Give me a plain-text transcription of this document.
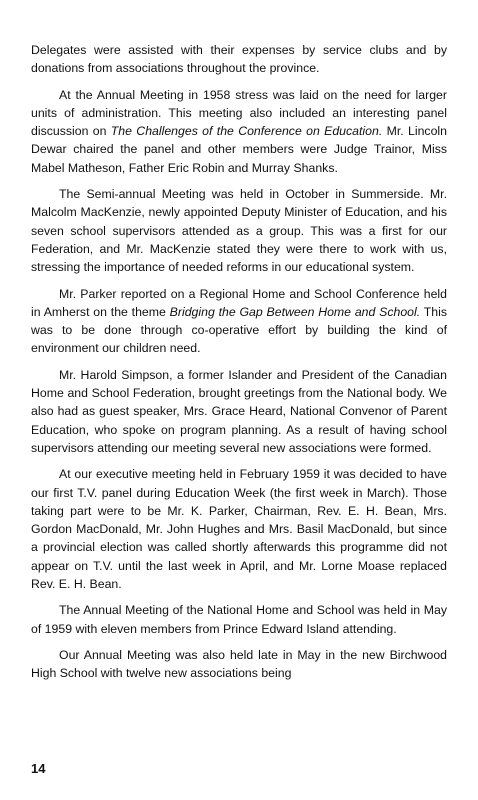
Delegates were assisted with their expenses by service clubs and by donations from associations throughout the province.

At the Annual Meeting in 1958 stress was laid on the need for larger units of administration. This meeting also included an interesting panel discussion on The Challenges of the Conference on Education. Mr. Lincoln Dewar chaired the panel and other members were Judge Trainor, Miss Mabel Matheson, Father Eric Robin and Murray Shanks.

The Semi-annual Meeting was held in October in Summerside. Mr. Malcolm MacKenzie, newly appointed Deputy Minister of Education, and his seven school supervisors attended as a group. This was a first for our Federation, and Mr. MacKenzie stated they were there to work with us, stressing the importance of needed reforms in our educational system.

Mr. Parker reported on a Regional Home and School Conference held in Amherst on the theme Bridging the Gap Between Home and School. This was to be done through co-operative effort by building the kind of environment our children need.

Mr. Harold Simpson, a former Islander and President of the Canadian Home and School Federation, brought greetings from the National body. We also had as guest speaker, Mrs. Grace Heard, National Convenor of Parent Education, who spoke on program planning. As a result of having school supervisors attending our meeting several new associations were formed.

At our executive meeting held in February 1959 it was decided to have our first T.V. panel during Education Week (the first week in March). Those taking part were to be Mr. K. Parker, Chairman, Rev. E. H. Bean, Mrs. Gordon MacDonald, Mr. John Hughes and Mrs. Basil MacDonald, but since a provincial election was called shortly afterwards this programme did not appear on T.V. until the last week in April, and Mr. Lorne Moase replaced Rev. E. H. Bean.

The Annual Meeting of the National Home and School was held in May of 1959 with eleven members from Prince Edward Island attending.

Our Annual Meeting was also held late in May in the new Birchwood High School with twelve new associations being

14
